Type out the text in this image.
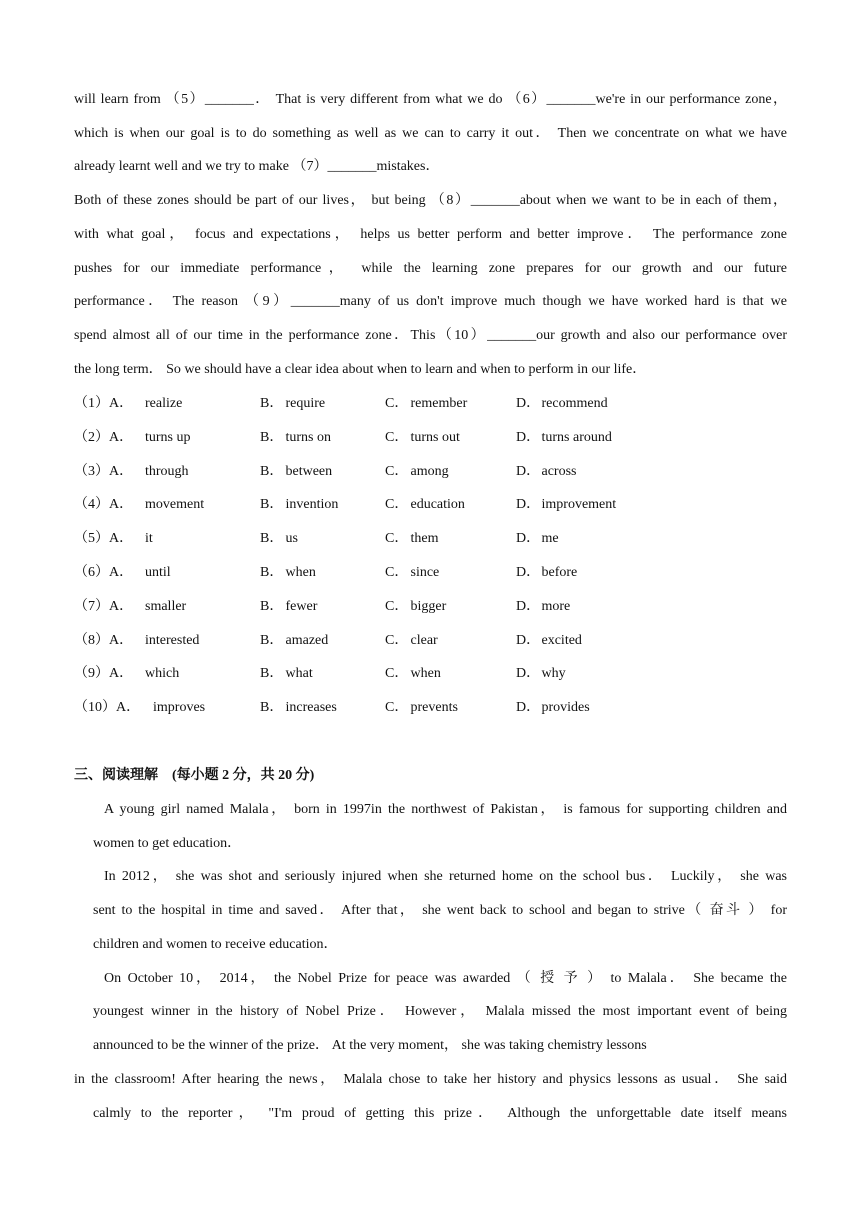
will learn from （5）_______． That is very different from what we do （6）_______we're in our performance zone，
which is when our goal is to do something as well as we can to carry it out． Then we concentrate on what we have
already learnt well and we try to make （7）_______mistakes．
Both of these zones should be part of our lives， but being （8）_______about when we want to be in each of them，
with what goal， focus and expectations， helps us better perform and better improve． The performance zone
pushes for our immediate performance， while the learning zone prepares for our growth and our future
performance． The reason （9）_______many of us don't improve much though we have worked hard is that we
spend almost all of our time in the performance zone．This（10）_______our growth and also our performance over
the long term． So we should have a clear idea about when to learn and when to perform in our life．
（1）A． realize	B． require	C． remember	D． recommend
（2）A． turns up	B． turns on	C． turns out	D． turns around
（3）A． through	B． between	C． among	D． across
（4）A． movement	B． invention	C． education	D． improvement
（5）A． it	B． us	C． them	D． me
（6）A． until	B． when	C． since	D． before
（7）A． smaller	B． fewer	C． bigger	D． more
（8）A． interested	B． amazed	C． clear	D． excited
（9）A． which	B． what	C． when	D． why
（10）A． improves	B． increases	C． prevents	D． provides
三、阅读理解 (每小题 2 分，共 20 分)
A young girl named Malala， born in 1997in the northwest of Pakistan， is famous for supporting children and
women to get education．
In 2012， she was shot and seriously injured when she returned home on the school bus． Luckily， she was
sent to the hospital in time and saved． After that， she went back to school and began to strive（ 奋斗 ） for
children and women to receive education．
On October 10， 2014， the Nobel Prize for peace was awarded （ 授 予 ） to Malala． She became the
youngest winner in the history of Nobel Prize． However， Malala missed the most important event of being
announced to be the winner of the prize． At the very moment， she was taking chemistry lessons
in the classroom! After hearing the news， Malala chose to take her history and physics lessons as usual． She said
calmly to the reporter， "I'm proud of getting this prize． Although the unforgettable date itself means
